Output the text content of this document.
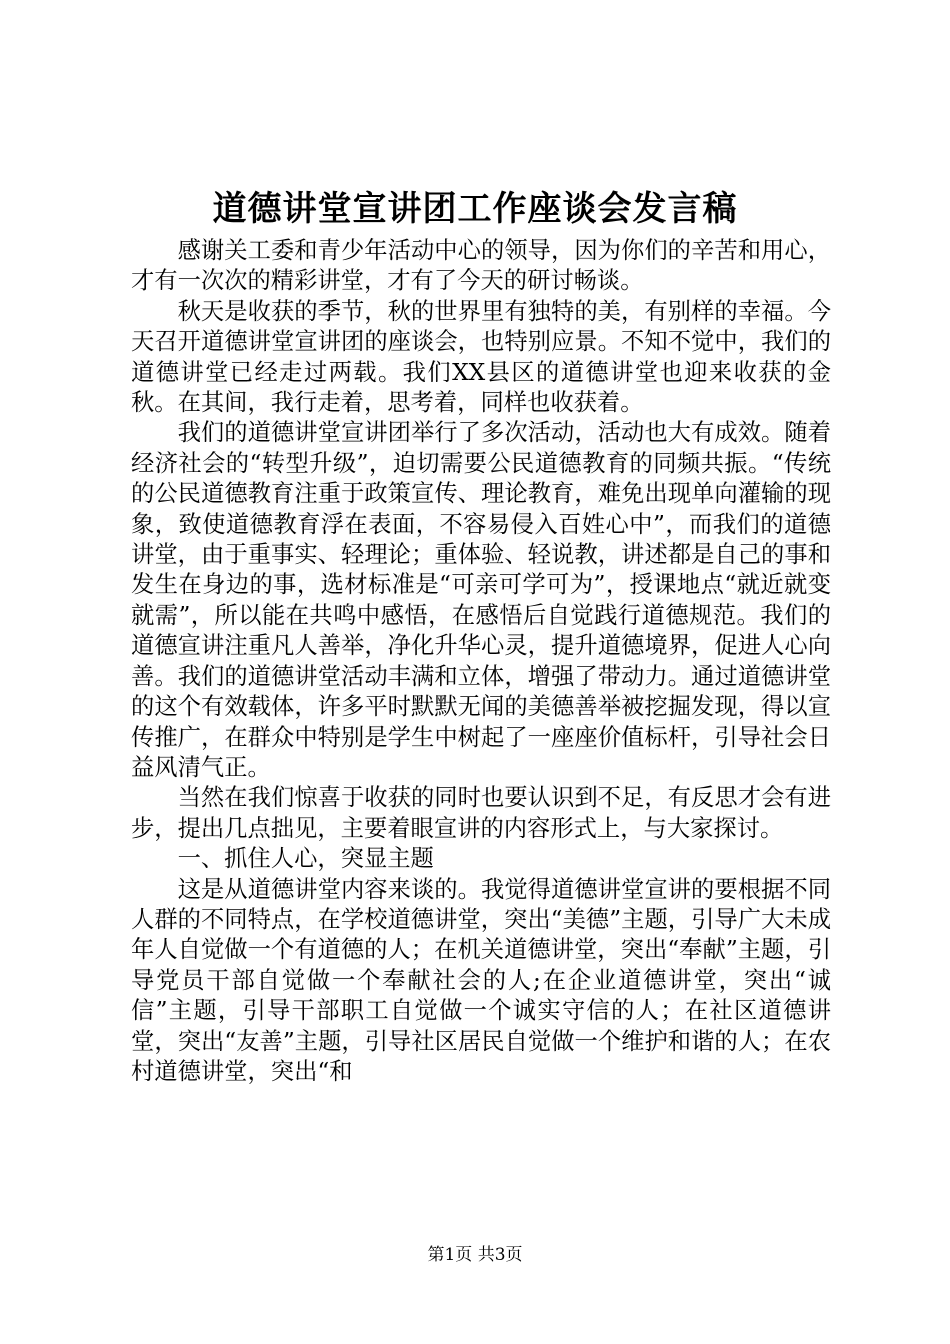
道德讲堂宣讲团工作座谈会发言稿

感谢关工委和青少年活动中心的领导，因为你们的辛苦和用心，才有一次次的精彩讲堂，才有了今天的研讨畅谈。

秋天是收获的季节，秋的世界里有独特的美，有别样的幸福。今天召开道德讲堂宣讲团的座谈会，也特别应景。不知不觉中，我们的道德讲堂已经走过两载。我们XX县区的道德讲堂也迎来收获的金秋。在其间，我行走着，思考着，同样也收获着。

我们的道德讲堂宣讲团举行了多次活动，活动也大有成效。随着经济社会的“转型升级”，迫切需要公民道德教育的同频共振。“传统的公民道德教育注重于政策宣传、理论教育，难免出现单向灌输的现象，致使道德教育浮在表面，不容易侵入百姓心中”，而我们的道德讲堂，由于重事实、轻理论；重体验、轻说教，讲述都是自己的事和发生在身边的事，选材标准是“可亲可学可为”，授课地点“就近就变就需”，所以能在共鸣中感悟，在感悟后自觉践行道德规范。我们的道德宣讲注重凡人善举，净化升华心灵，提升道德境界，促进人心向善。我们的道德讲堂活动丰满和立体，增强了带动力。通过道德讲堂的这个有效载体，许多平时默默无闻的美德善举被挖掘发现，得以宣传推广，在群众中特别是学生中树起了一座座价值标杆，引导社会日益风清气正。

当然在我们惊喜于收获的同时也要认识到不足，有反思才会有进步，提出几点拙见，主要着眼宣讲的内容形式上，与大家探讨。

一、抓住人心，突显主题

这是从道德讲堂内容来谈的。我觉得道德讲堂宣讲的要根据不同人群的不同特点，在学校道德讲堂，突出“美德”主题，引导广大未成年人自觉做一个有道德的人；在机关道德讲堂，突出“奉献”主题，引导党员干部自觉做一个奉献社会的人;在企业道德讲堂，突出“诚信”主题，引导干部职工自觉做一个诚实守信的人；在社区道德讲堂，突出“友善”主题，引导社区居民自觉做一个维护和谐的人；在农村道德讲堂，突出“和

第1页 共3页
